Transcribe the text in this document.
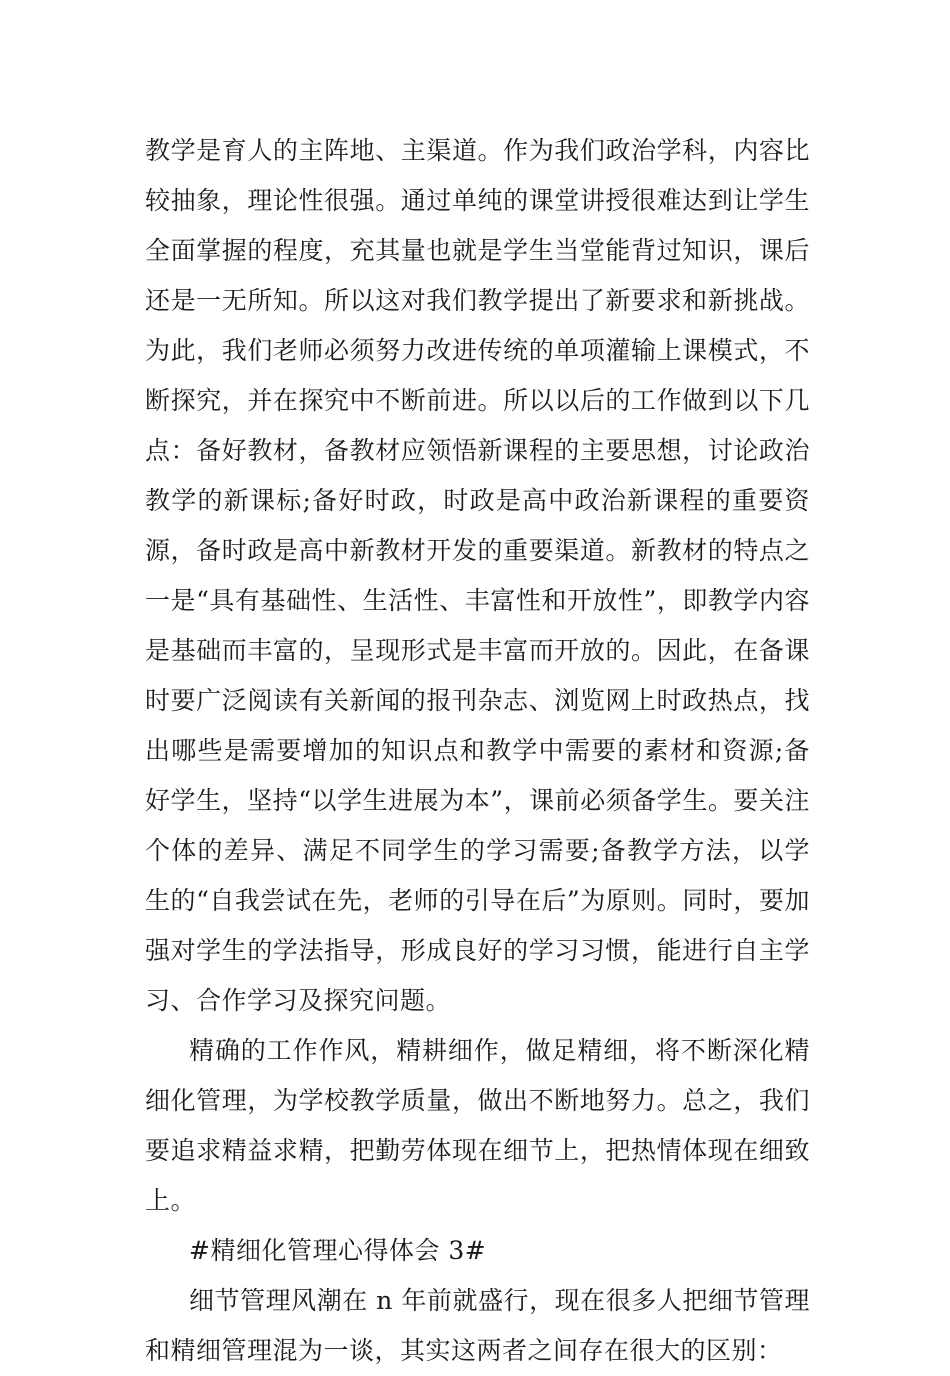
教学是育人的主阵地、主渠道。作为我们政治学科，内容比较抽象，理论性很强。通过单纯的课堂讲授很难达到让学生全面掌握的程度，充其量也就是学生当堂能背过知识，课后还是一无所知。所以这对我们教学提出了新要求和新挑战。为此，我们老师必须努力改进传统的单项灌输上课模式，不断探究，并在探究中不断前进。所以以后的工作做到以下几点：备好教材，备教材应领悟新课程的主要思想，讨论政治教学的新课标;备好时政，时政是高中政治新课程的重要资源，备时政是高中新教材开发的重要渠道。新教材的特点之一是“具有基础性、生活性、丰富性和开放性”，即教学内容是基础而丰富的，呈现形式是丰富而开放的。因此，在备课时要广泛阅读有关新闻的报刊杂志、浏览网上时政热点，找出哪些是需要增加的知识点和教学中需要的素材和资源;备好学生，坚持“以学生进展为本”，课前必须备学生。要关注个体的差异、满足不同学生的学习需要;备教学方法，以学生的“自我尝试在先，老师的引导在后”为原则。同时，要加强对学生的学法指导，形成良好的学习习惯，能进行自主学习、合作学习及探究问题。

精确的工作作风，精耕细作，做足精细，将不断深化精细化管理，为学校教学质量，做出不断地努力。总之，我们要追求精益求精，把勤劳体现在细节上，把热情体现在细致上。

#精细化管理心得体会 3#

细节管理风潮在 n 年前就盛行，现在很多人把细节管理和精细管理混为一谈，其实这两者之间存在很大的区别：
